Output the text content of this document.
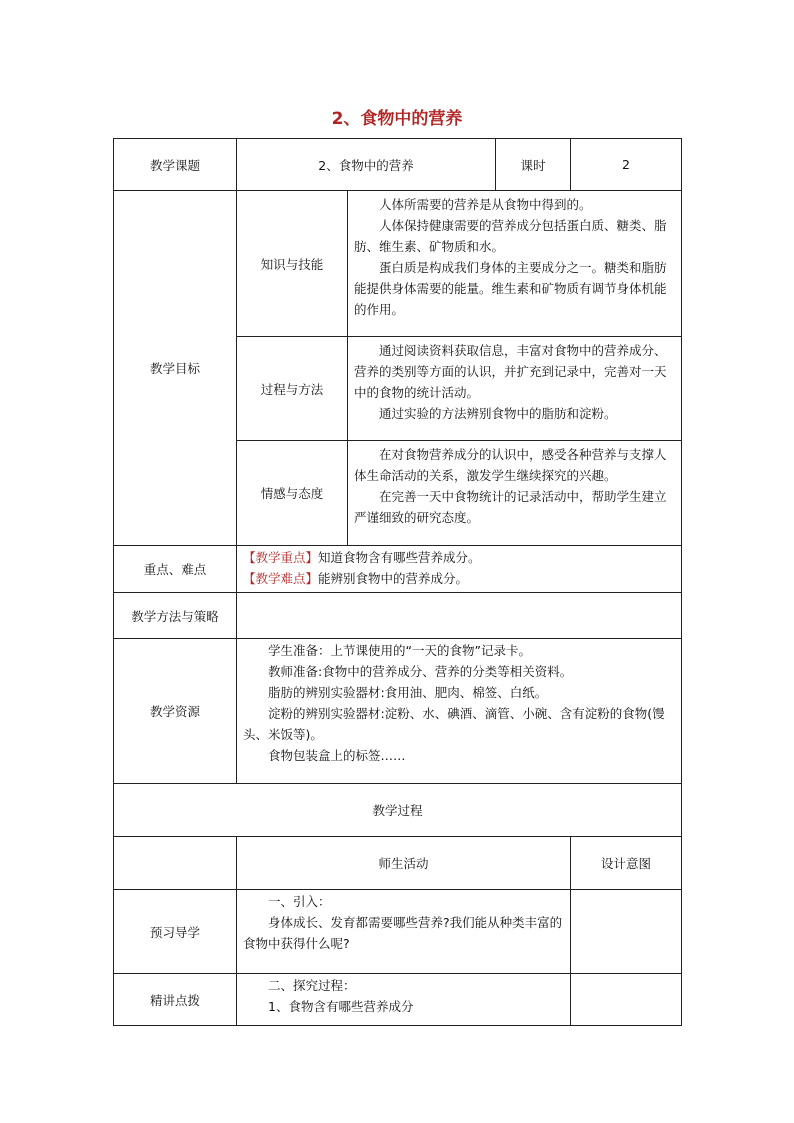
2、食物中的营养
教学课题	2、食物中的营养		课时	2
教学目标	知识与技能	人体所需要的营养是从食物中得到的。

人体保持健康需要的营养成分包括蛋白质、糖类、脂肪、维生素、矿物质和水。

蛋白质是构成我们身体的主要成分之一。糖类和脂肪能提供身体需要的能量。维生素和矿物质有调节身体机能的作用。		

	过程与方法	通过阅读资料获取信息，丰富对食物中的营养成分、营养的类别等方面的认识，并扩充到记录中，完善对一天中的食物的统计活动。

通过实验的方法辨别食物中的脂肪和淀粉。		

	情感与态度	在对食物营养成分的认识中，感受各种营养与支撑人体生命活动的关系，激发学生继续探究的兴趣。

在完善一天中食物统计的记录活动中，帮助学生建立严谨细致的研究态度。		

重点、难点	【教学重点】知道食物含有哪些营养成分。

【教学难点】能辨别食物中的营养成分。			

教学方法与策略				
教学资源	学生准备：上节课使用的“一天的食物”记录卡。

教师准备:食物中的营养成分、营养的分类等相关资料。

脂肪的辨别实验器材:食用油、肥肉、棉签、白纸。

淀粉的辨别实验器材:淀粉、水、碘酒、滴管、小碗、含有淀粉的食物(馒头、米饭等)。

食物包装盒上的标签……			

教学过程				
	师生活动			设计意图
预习导学	一、引入：

身体成长、发育都需要哪些营养?我们能从种类丰富的食物中获得什么呢?			

精讲点拨	二、探究过程：

1、食物含有哪些营养成分			
